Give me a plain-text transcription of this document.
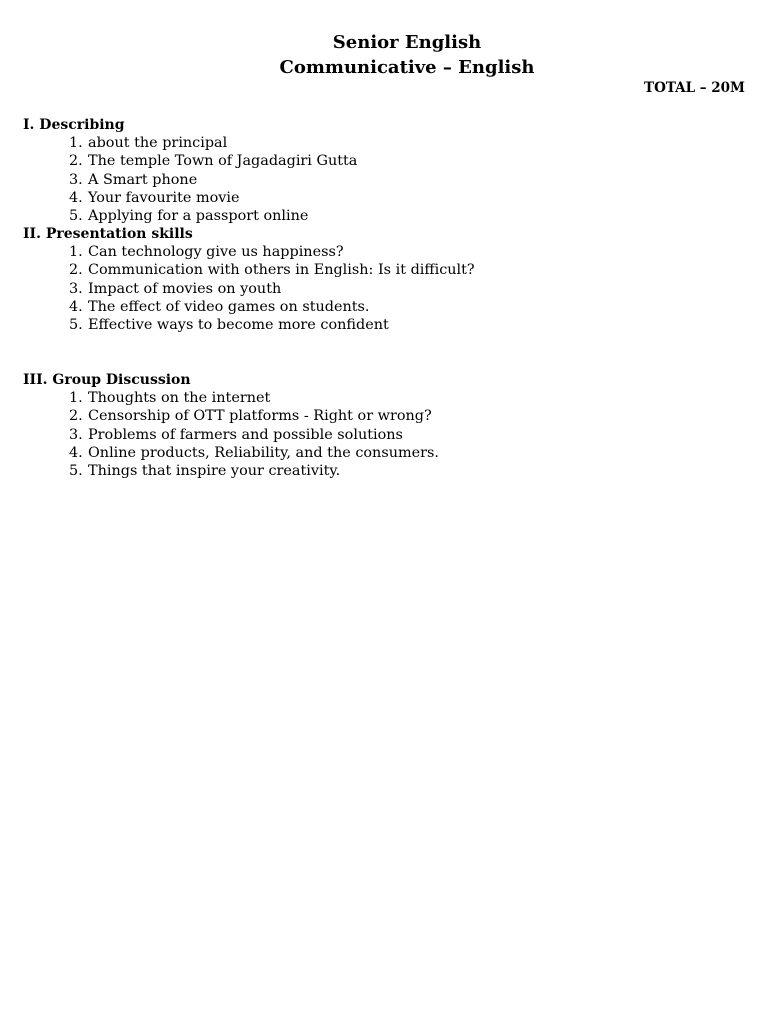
Senior English
Communicative – English
TOTAL – 20M
I. Describing
1. about the principal
2. The temple Town of Jagadagiri Gutta
3. A Smart phone
4. Your favourite movie
5. Applying for a passport online
II. Presentation skills
1. Can technology give us happiness?
2. Communication with others in English: Is it difficult?
3. Impact of movies on youth
4. The effect of video games on students.
5. Effective ways to become more confident
III. Group Discussion
1. Thoughts on the internet
2. Censorship of OTT platforms - Right or wrong?
3. Problems of farmers and possible solutions
4. Online products, Reliability, and the consumers.
5. Things that inspire your creativity.
